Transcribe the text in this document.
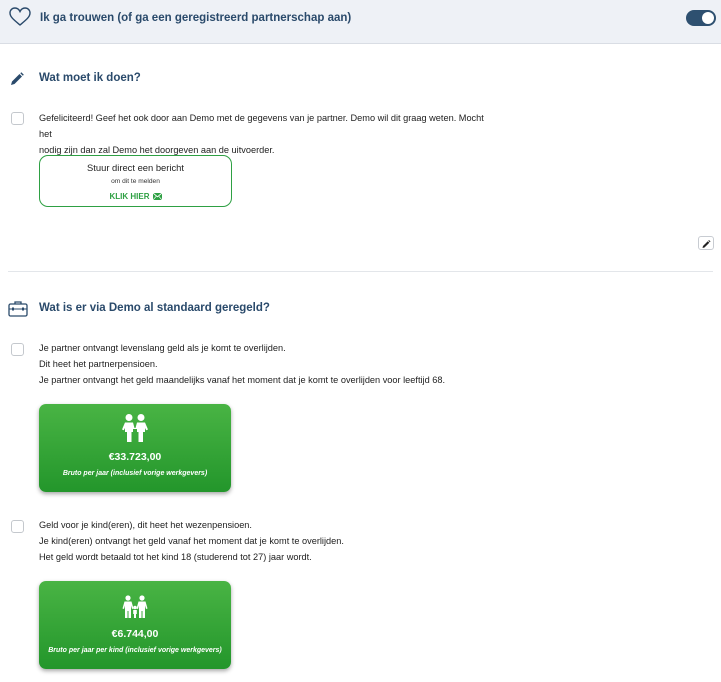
Ik ga trouwen (of ga een geregistreerd partnerschap aan)
Wat moet ik doen?
Gefeliciteerd! Geef het ook door aan Demo met de gegevens van je partner. Demo wil dit graag weten. Mocht het
nodig zijn dan zal Demo het doorgeven aan de uitvoerder.
Stuur direct een bericht
om dit te melden
KLIK HIER
Wat is er via Demo al standaard geregeld?
Je partner ontvangt levenslang geld als je komt te overlijden.
Dit heet het partnerpensioen.
Je partner ontvangt het geld maandelijks vanaf het moment dat je komt te overlijden voor leeftijd 68.
€33.723,00
Bruto per jaar (inclusief vorige werkgevers)
Geld voor je kind(eren), dit heet het wezenpensioen.
Je kind(eren) ontvangt het geld vanaf het moment dat je komt te overlijden.
Het geld wordt betaald tot het kind 18 (studerend tot 27) jaar wordt.
€6.744,00
Bruto per jaar per kind (inclusief vorige werkgevers)
